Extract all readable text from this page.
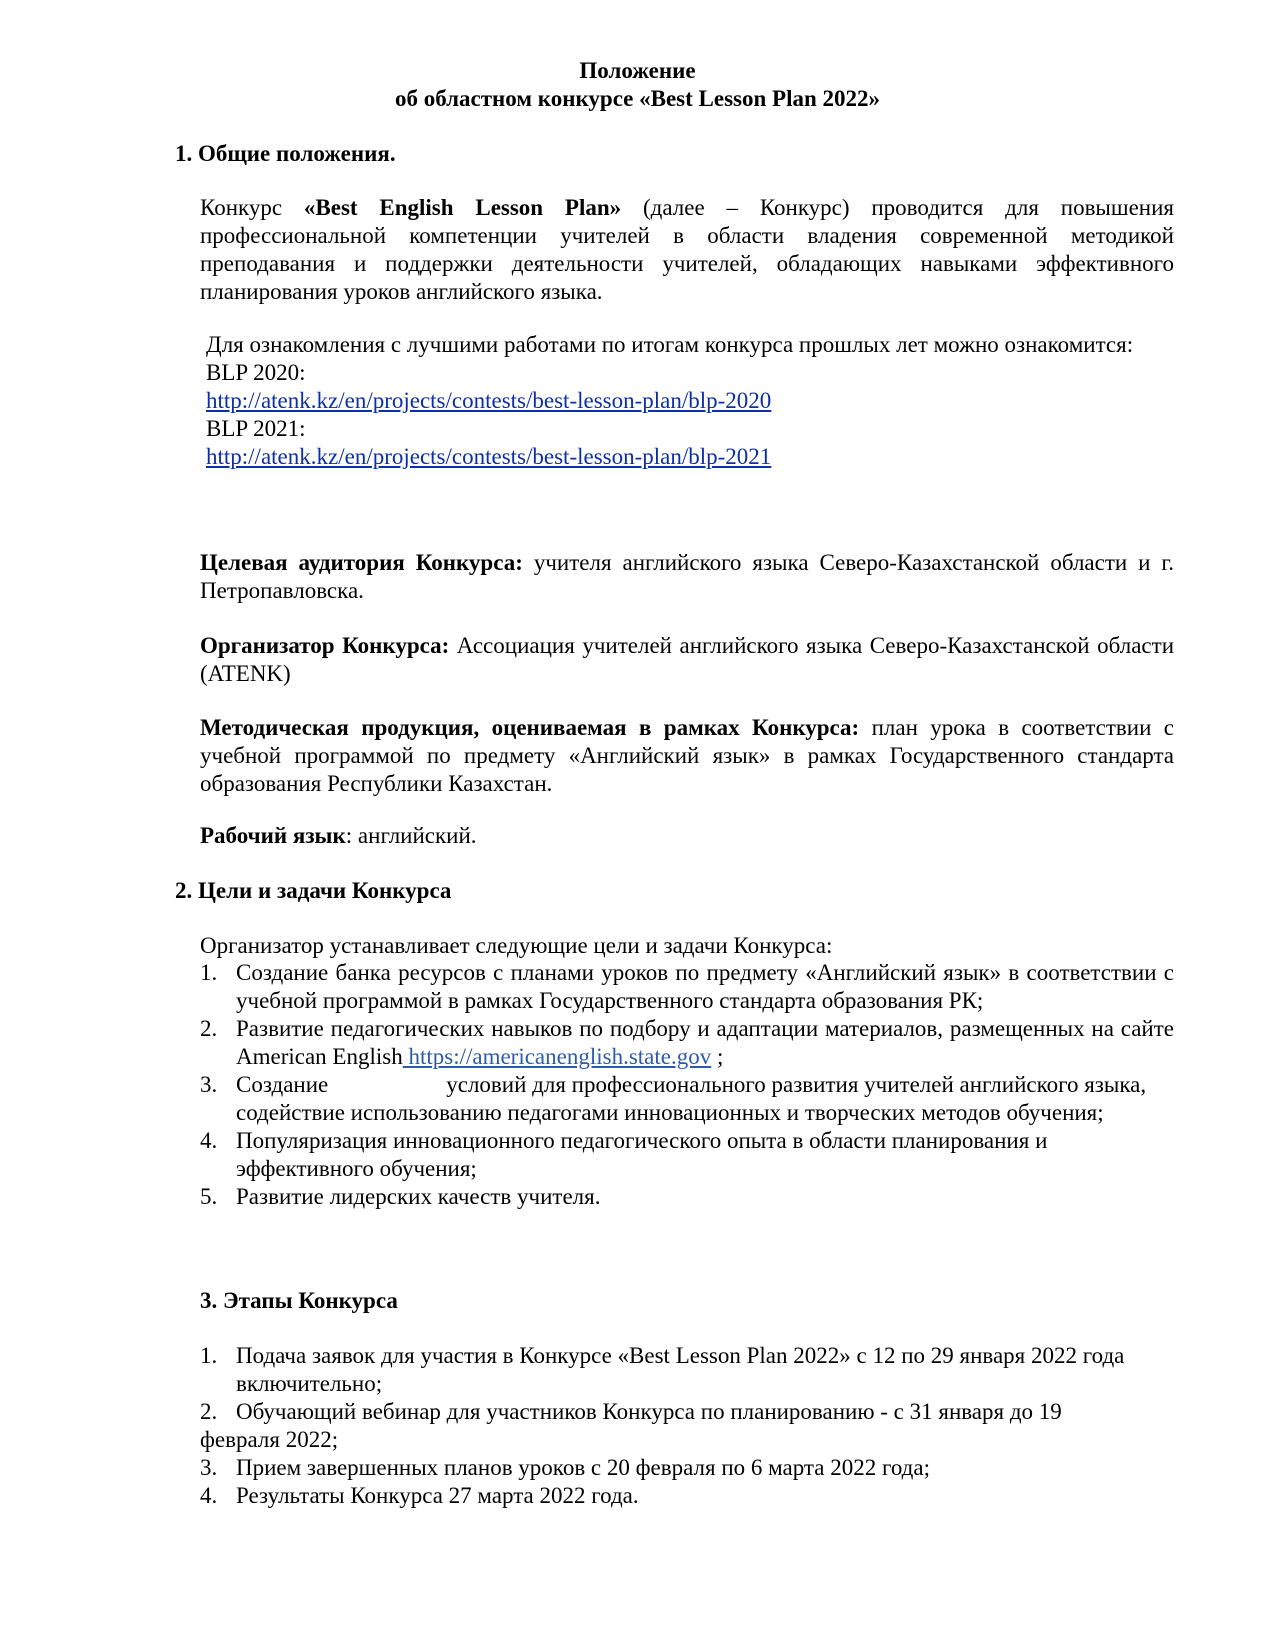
Положение
об областном конкурсе «Best Lesson Plan 2022»
1. Общие положения.
Конкурс «Best English Lesson Plan» (далее – Конкурс) проводится для повышения профессиональной компетенции учителей в области владения современной методикой преподавания и поддержки деятельности учителей, обладающих навыками эффективного планирования уроков английского языка.
Для ознакомления с лучшими работами по итогам конкурса прошлых лет можно ознакомится:
BLP 2020:
http://atenk.kz/en/projects/contests/best-lesson-plan/blp-2020
BLP 2021:
http://atenk.kz/en/projects/contests/best-lesson-plan/blp-2021
Целевая аудитория Конкурса: учителя английского языка Северо-Казахстанской области и г. Петропавловска.
Организатор Конкурса: Ассоциация учителей английского языка Северо-Казахстанской области (ATENK)
Методическая продукция, оцениваемая в рамках Конкурса: план урока в соответствии с учебной программой по предмету «Английский язык» в рамках Государственного стандарта образования Республики Казахстан.
Рабочий язык: английский.
2. Цели и задачи Конкурса
Организатор устанавливает следующие цели и задачи Конкурса:
1. Создание банка ресурсов с планами уроков по предмету «Английский язык» в соответствии с учебной программой в рамках Государственного стандарта образования РК;
2. Развитие педагогических навыков по подбору и адаптации материалов, размещенных на сайте American English https://americanenglish.state.gov ;
3. Создание	условий для профессионального развития учителей английского языка, содействие использованию педагогами инновационных и творческих методов обучения;
4. Популяризация инновационного педагогического опыта в области планирования и эффективного обучения;
5. Развитие лидерских качеств учителя.
3. Этапы Конкурса
1. Подача заявок для участия в Конкурсе «Best Lesson Plan 2022» с 12 по 29 января 2022 года включительно;
2. Обучающий вебинар для участников Конкурса по планированию - с 31 января до 19
февраля 2022;
3. Прием завершенных планов уроков с 20 февраля по 6 марта 2022 года;
4. Результаты Конкурса 27 марта 2022 года.
